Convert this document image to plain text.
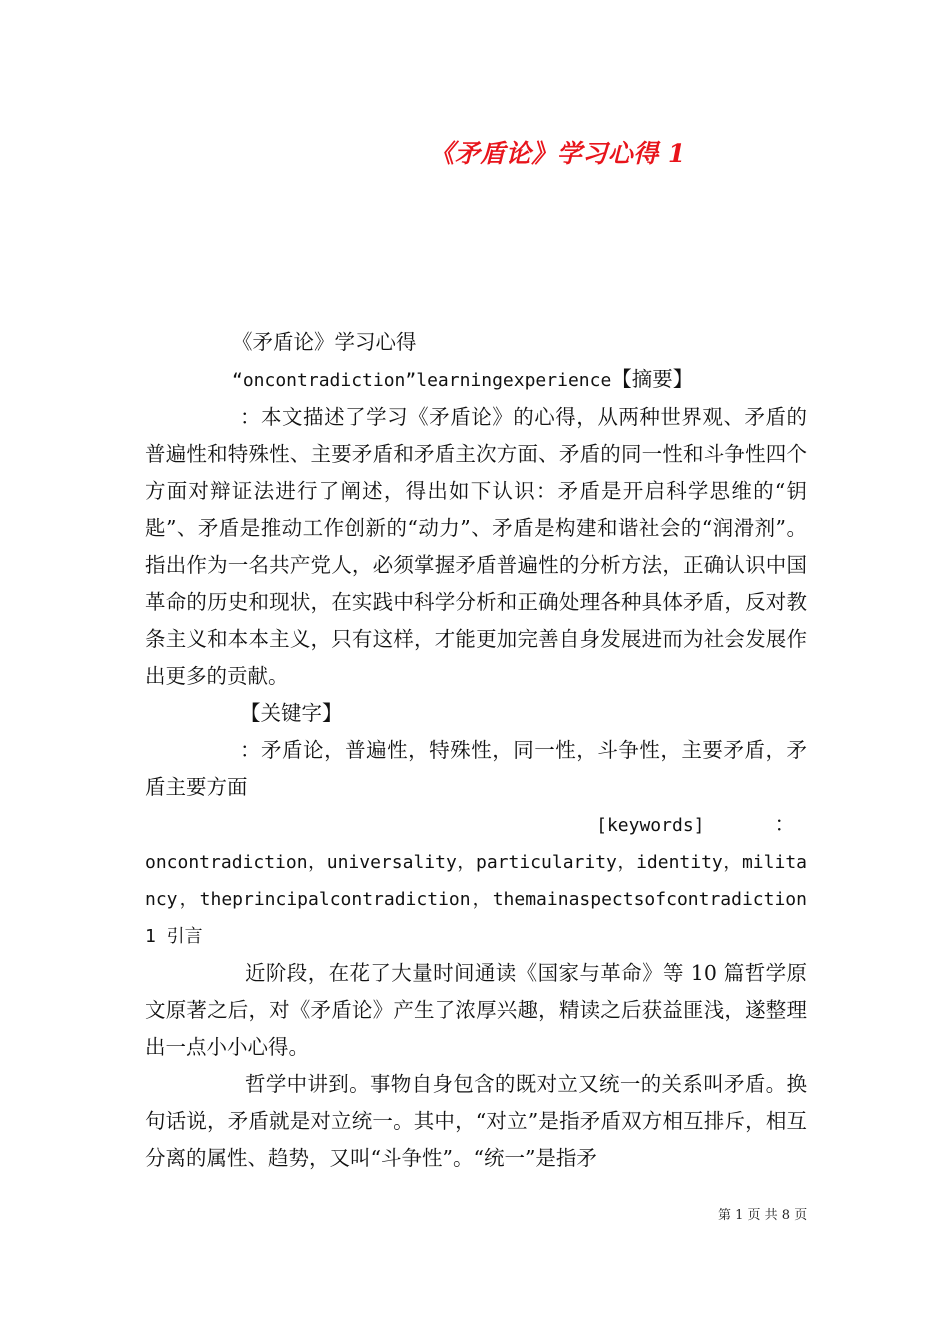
《矛盾论》学习心得 1

《矛盾论》学习心得

“oncontradiction”learningexperience【摘要】

：本文描述了学习《矛盾论》的心得，从两种世界观、矛盾的普遍性和特殊性、主要矛盾和矛盾主次方面、矛盾的同一性和斗争性四个方面对辩证法进行了阐述，得出如下认识：矛盾是开启科学思维的“钥匙”、矛盾是推动工作创新的“动力”、矛盾是构建和谐社会的“润滑剂”。指出作为一名共产党人，必须掌握矛盾普遍性的分析方法，正确认识中国革命的历史和现状，在实践中科学分析和正确处理各种具体矛盾，反对教条主义和本本主义，只有这样，才能更加完善自身发展进而为社会发展作出更多的贡献。

【关键字】

：矛盾论，普遍性，特殊性，同一性，斗争性，主要矛盾，矛盾主要方面

[keywords]	：

oncontradiction，universality，particularity，identity，militancy，theprincipalcontradiction，themainaspectsofcontradiction1 引言

近阶段，在花了大量时间通读《国家与革命》等 10 篇哲学原文原著之后，对《矛盾论》产生了浓厚兴趣，精读之后获益匪浅，遂整理出一点小小心得。

哲学中讲到。事物自身包含的既对立又统一的关系叫矛盾。换句话说，矛盾就是对立统一。其中，“对立”是指矛盾双方相互排斥，相互分离的属性、趋势，又叫“斗争性”。“统一”是指矛

第 1 页 共 8 页
